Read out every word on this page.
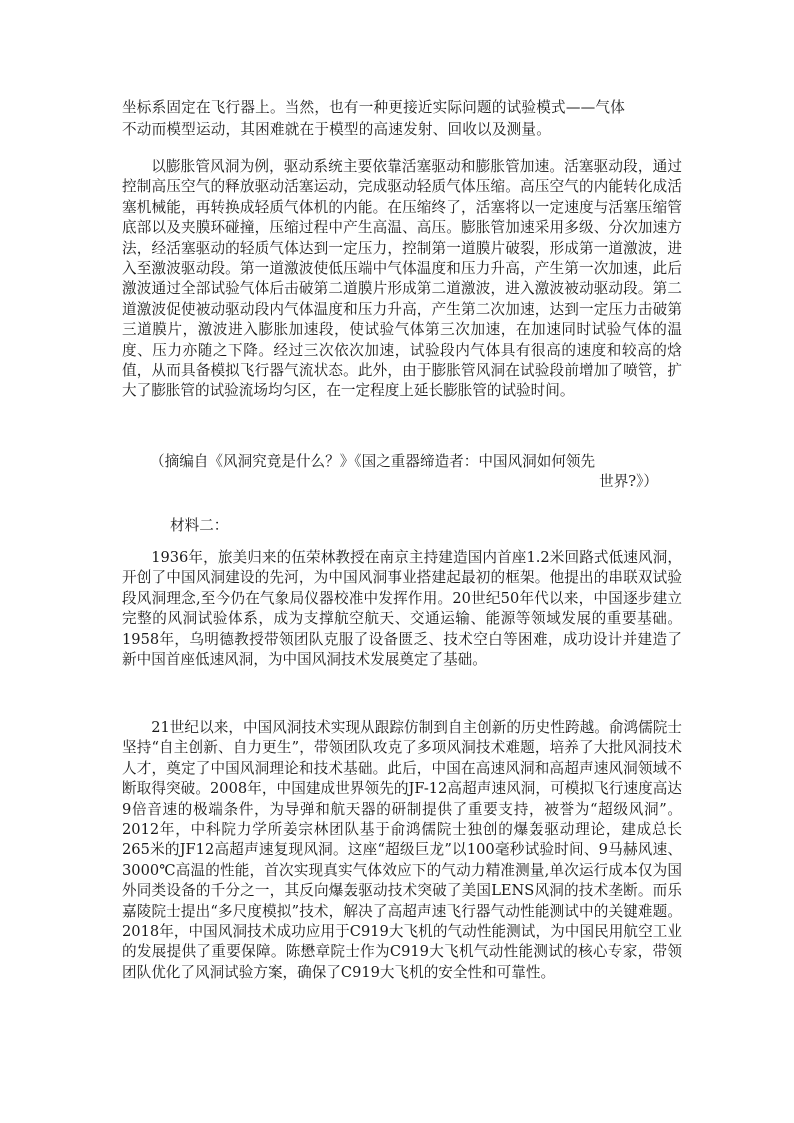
坐标系固定在飞行器上。当然，也有一种更接近实际问题的试验模式——气体
不动而模型运动，其困难就在于模型的高速发射、回收以及测量。

以膨胀管风洞为例，驱动系统主要依靠活塞驱动和膨胀管加速。活塞驱动段，通过控制高压空气的释放驱动活塞运动，完成驱动轻质气体压缩。高压空气的内能转化成活塞机械能，再转换成轻质气体机的内能。在压缩终了，活塞将以一定速度与活塞压缩管底部以及夹膜环碰撞，压缩过程中产生高温、高压。膨胀管加速采用多级、分次加速方法，经活塞驱动的轻质气体达到一定压力，控制第一道膜片破裂，形成第一道激波，进入至激波驱动段。第一道激波使低压端中气体温度和压力升高，产生第一次加速，此后激波通过全部试验气体后击破第二道膜片形成第二道激波，进入激波被动驱动段。第二道激波促使被动驱动段内气体温度和压力升高，产生第二次加速，达到一定压力击破第三道膜片，激波进入膨胀加速段，使试验气体第三次加速，在加速同时试验气体的温度、压力亦随之下降。经过三次依次加速，试验段内气体具有很高的速度和较高的焓值，从而具备模拟飞行器气流状态。此外，由于膨胀管风洞在试验段前增加了喷管，扩大了膨胀管的试验流场均匀区，在一定程度上延长膨胀管的试验时间。

（摘编自《风洞究竟是什么？》《国之重器缔造者：中国风洞如何领先
世界?》）
材料二：

1936年，旅美归来的伍荣林教授在南京主持建造国内首座1.2米回路式低速风洞，开创了中国风洞建设的先河，为中国风洞事业搭建起最初的框架。他提出的串联双试验段风洞理念,至今仍在气象局仪器校准中发挥作用。20世纪50年代以来，中国逐步建立完整的风洞试验体系，成为支撑航空航天、交通运输、能源等领域发展的重要基础。1958年，乌明德教授带领团队克服了设备匮乏、技术空白等困难，成功设计并建造了新中国首座低速风洞，为中国风洞技术发展奠定了基础。

21世纪以来，中国风洞技术实现从跟踪仿制到自主创新的历史性跨越。俞鸿儒院士坚持“自主创新、自力更生”，带领团队攻克了多项风洞技术难题，培养了大批风洞技术人才，奠定了中国风洞理论和技术基础。此后，中国在高速风洞和高超声速风洞领域不断取得突破。2008年，中国建成世界领先的JF-12高超声速风洞，可模拟飞行速度高达9倍音速的极端条件，为导弹和航天器的研制提供了重要支持，被誉为“超级风洞”。2012年，中科院力学所姜宗林团队基于俞鸿儒院士独创的爆轰驱动理论，建成总长265米的JF12高超声速复现风洞。这座“超级巨龙”以100毫秒试验时间、9马赫风速、3000℃高温的性能，首次实现真实气体效应下的气动力精准测量,单次运行成本仅为国外同类设备的千分之一，其反向爆轰驱动技术突破了美国LENS风洞的技术垄断。而乐嘉陵院士提出“多尺度模拟”技术，解决了高超声速飞行器气动性能测试中的关键难题。2018年，中国风洞技术成功应用于C919大飞机的气动性能测试，为中国民用航空工业的发展提供了重要保障。陈懋章院士作为C919大飞机气动性能测试的核心专家，带领团队优化了风洞试验方案，确保了C919大飞机的安全性和可靠性。
